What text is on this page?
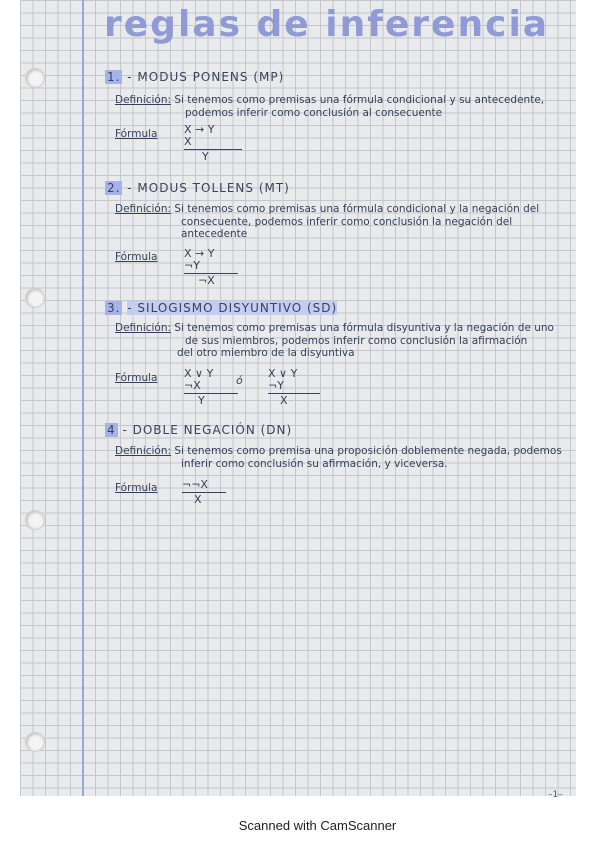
reglas de inferencia
1. - MODUS PONENS (MP)
Definición: Si tenemos como premisas una fórmula condicional y su antecedente,
podemos inferir como conclusión al consecuente
Fórmula X → Y
X
Y
2. - MODUS TOLLENS (MT)
Definición: Si tenemos como premisas una fórmula condicional y la negación del
consecuente, podemos inferir como conclusión la negación del
antecedente
Fórmula X → Y
¬Y
¬X
3. - SILOGISMO DISYUNTIVO (SD)
Definición: Si tenemos como premisas una fórmula disyuntiva y la negación de uno
de sus miembros, podemos inferir como conclusión la afirmación
del otro miembro de la disyuntiva
Fórmula X ∨ Y
¬X
Y
ó
X ∨ Y
¬Y
X
4 - DOBLE NEGACIÓN (DN)
Definición: Si tenemos como premisa una proposición doblemente negada, podemos
inferir como conclusión su afirmación, y viceversa.
Fórmula $\frac{\neg\neg X}{X}$
–1–
Scanned with CamScanner
